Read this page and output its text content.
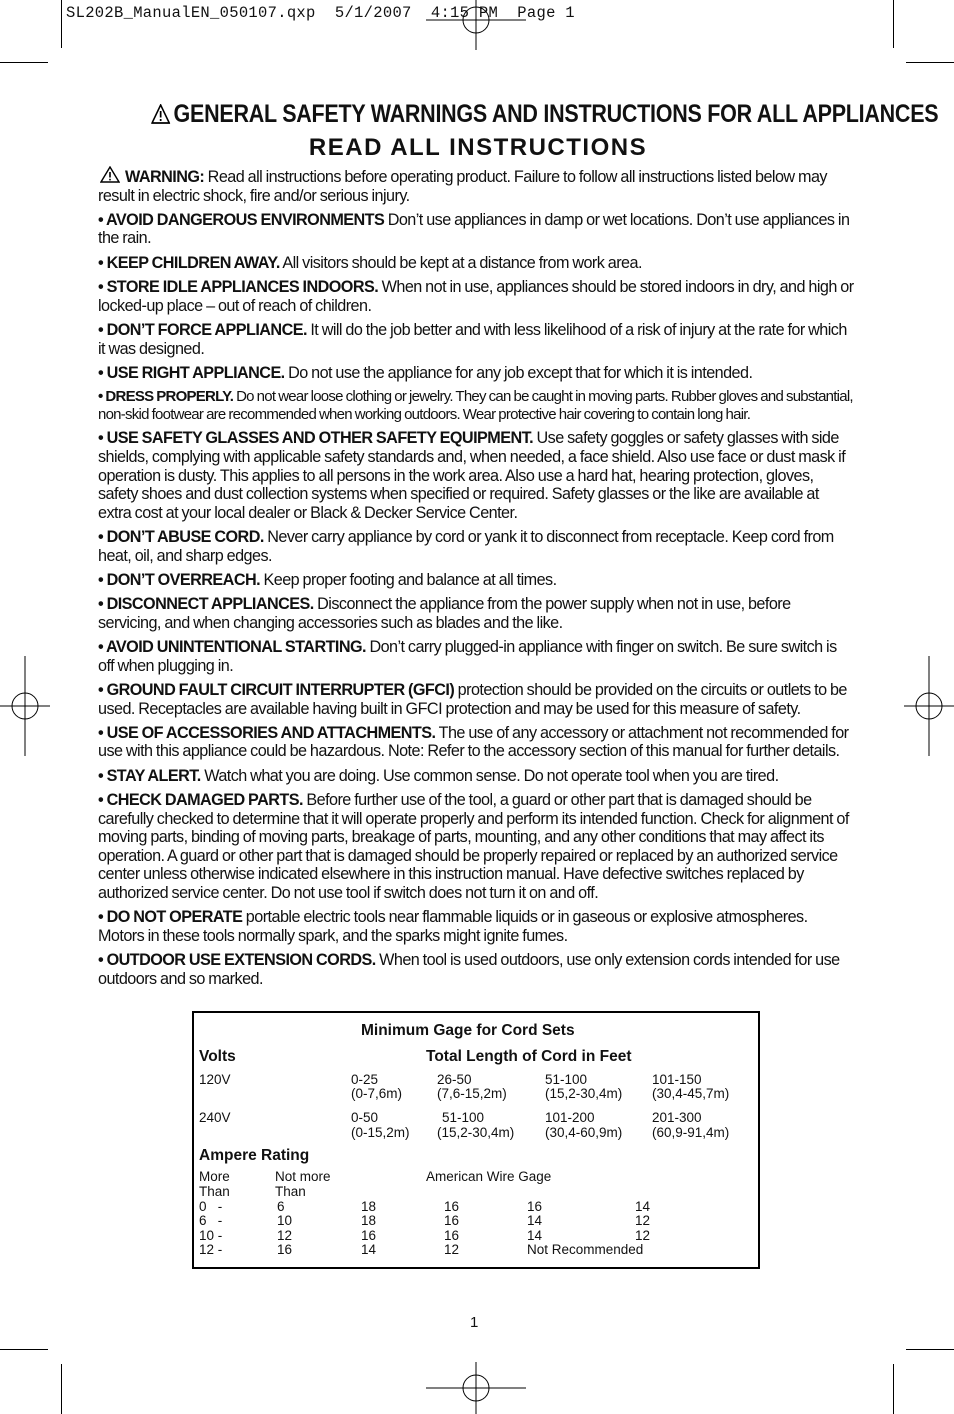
SL202B_ManualEN_050107.qxp  5/1/2007  4:15 PM  Page 1
GENERAL SAFETY WARNINGS AND INSTRUCTIONS FOR ALL APPLIANCES
READ ALL INSTRUCTIONS

WARNING: Read all instructions before operating product. Failure to follow all instructions listed below may result in electric shock, fire and/or serious injury.

• AVOID DANGEROUS ENVIRONMENTS Don’t use appliances in damp or wet locations. Don’t use appliances in the rain.

• KEEP CHILDREN AWAY. All visitors should be kept at a distance from work area.

• STORE IDLE APPLIANCES INDOORS. When not in use, appliances should be stored indoors in dry, and high or locked-up place – out of reach of children.

• DON’T FORCE APPLIANCE. It will do the job better and with less likelihood of a risk of injury at the rate for which it was designed.

• USE RIGHT APPLIANCE. Do not use the appliance for any job except that for which it is intended.

• DRESS PROPERLY. Do not wear loose clothing or jewelry. They can be caught in moving parts. Rubber gloves and substantial, non-skid footwear are recommended when working outdoors. Wear protective hair covering to contain long hair.

• USE SAFETY GLASSES AND OTHER SAFETY EQUIPMENT. Use safety goggles or safety glasses with side shields, complying with applicable safety standards and, when needed, a face shield. Also use face or dust mask if operation is dusty. This applies to all persons in the work area. Also use a hard hat, hearing protection, gloves, safety shoes and dust collection systems when specified or required. Safety glasses or the like are available at extra cost at your local dealer or Black & Decker Service Center.

• DON’T ABUSE CORD. Never carry appliance by cord or yank it to disconnect from receptacle. Keep cord from heat, oil, and sharp edges.

• DON’T OVERREACH. Keep proper footing and balance at all times.

• DISCONNECT APPLIANCES. Disconnect the appliance from the power supply when not in use, before servicing, and when changing accessories such as blades and the like.

• AVOID UNINTENTIONAL STARTING. Don’t carry plugged-in appliance with finger on switch. Be sure switch is off when plugging in.

• GROUND FAULT CIRCUIT INTERRUPTER (GFCI) protection should be provided on the circuits or outlets to be used. Receptacles are available having built in GFCI protection and may be used for this measure of safety.

• USE OF ACCESSORIES AND ATTACHMENTS. The use of any accessory or attachment not recommended for use with this appliance could be hazardous. Note: Refer to the accessory section of this manual for further details.

• STAY ALERT. Watch what you are doing. Use common sense. Do not operate tool when you are tired.

• CHECK DAMAGED PARTS. Before further use of the tool, a guard or other part that is damaged should be carefully checked to determine that it will operate properly and perform its intended function. Check for alignment of moving parts, binding of moving parts, breakage of parts, mounting, and any other conditions that may affect its operation. A guard or other part that is damaged should be properly repaired or replaced by an authorized service center unless otherwise indicated elsewhere in this instruction manual. Have defective switches replaced by authorized service center. Do not use tool if switch does not turn it on and off.

• DO NOT OPERATE portable electric tools near flammable liquids or in gaseous or explosive atmospheres. Motors in these tools normally spark, and the sparks might ignite fumes.

• OUTDOOR USE EXTENSION CORDS. When tool is used outdoors, use only extension cords intended for use outdoors and so marked.

Minimum Gage for Cord Sets
Volts	Total Length of Cord in Feet
120V	0-25	26-50	51-100	101-150
(0-7,6m)	(7,6-15,2m)	(15,2-30,4m) (30,4-45,7m)
240V	0-50	51-100	101-200	201-300
(0-15,2m) (15,2-30,4m) (30,4-60,9m) (60,9-91,4m)
Ampere Rating
More
Than
Not more
Than
American Wire Gage
0   -	6	18	16	16	14
6   -	10	18	16	14	12
10 -	12	16	16	14	12
12 -	16	14	12	Not Recommended
1
